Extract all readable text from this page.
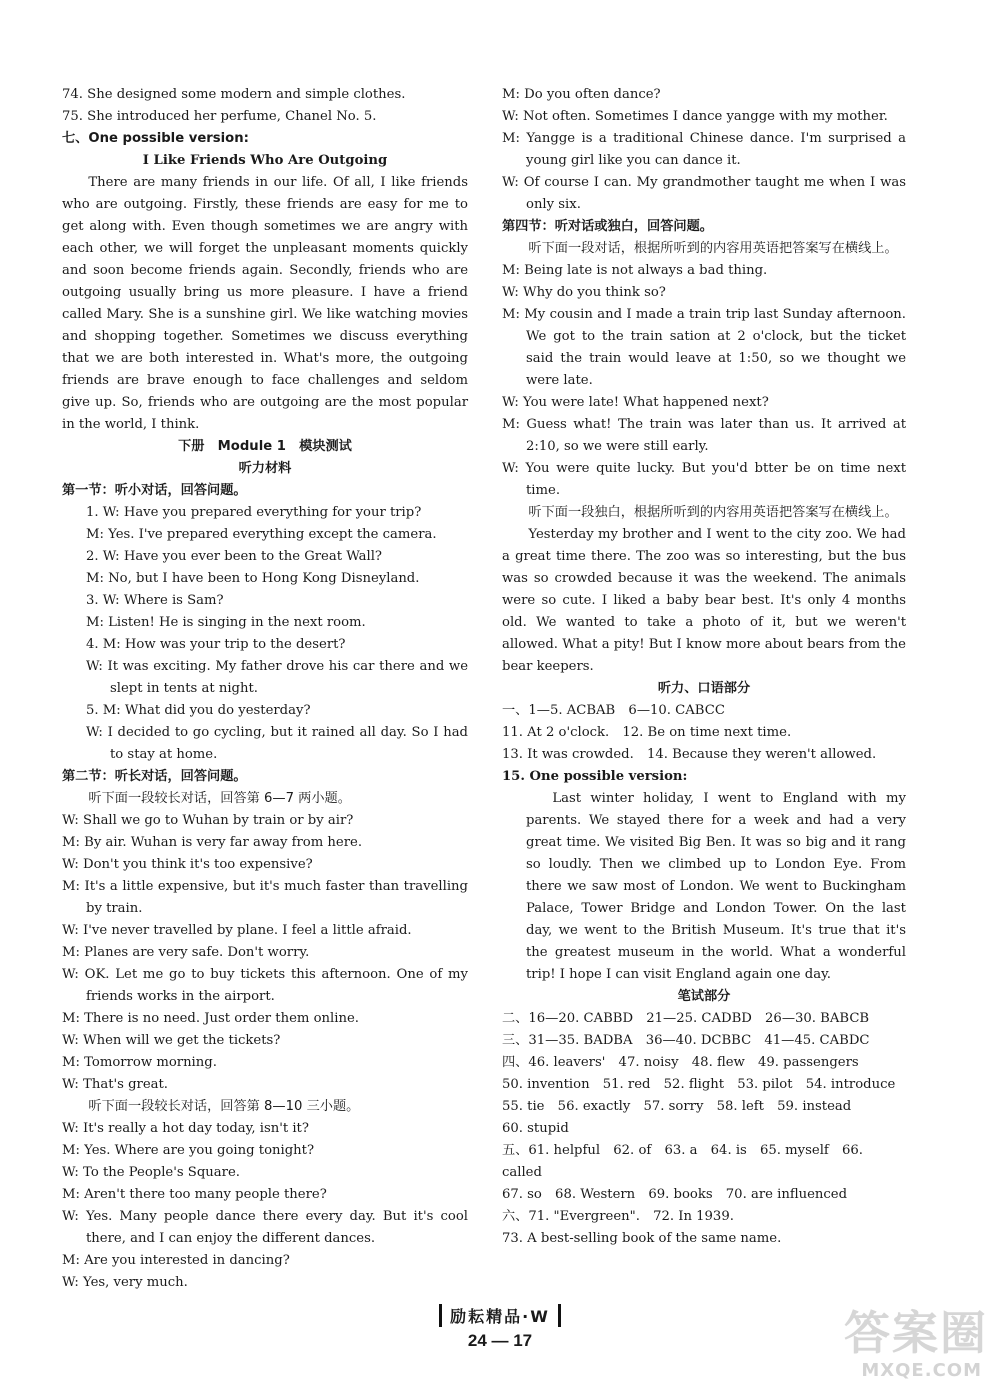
74. She designed some modern and simple clothes.

75. She introduced her perfume, Chanel No. 5.

七、One possible version:

I Like Friends Who Are Outgoing

There are many friends in our life. Of all, I like friends who are outgoing. Firstly, these friends are easy for me to get along with. Even though sometimes we are angry with each other, we will forget the unpleasant moments quickly and soon become friends again. Secondly, friends who are outgoing usually bring us more pleasure. I have a friend called Mary. She is a sunshine girl. We like watching movies and shopping together. Sometimes we discuss everything that we are both interested in. What's more, the outgoing friends are brave enough to face challenges and seldom give up. So, friends who are outgoing are the most popular in the world, I think.

下册　Module 1　模块测试

听力材料

第一节：听小对话，回答问题。

1. W: Have you prepared everything for your trip?

M: Yes. I've prepared everything except the camera.

2. W: Have you ever been to the Great Wall?

M: No, but I have been to Hong Kong Disneyland.

3. W: Where is Sam?

M: Listen! He is singing in the next room.

4. M: How was your trip to the desert?

W: It was exciting. My father drove his car there and we slept in tents at night.

5. M: What did you do yesterday?

W: I decided to go cycling, but it rained all day. So I had to stay at home.

第二节：听长对话，回答问题。

听下面一段较长对话，回答第 6—7 两小题。

W: Shall we go to Wuhan by train or by air?

M: By air. Wuhan is very far away from here.

W: Don't you think it's too expensive?

M: It's a little expensive, but it's much faster than travelling by train.

W: I've never travelled by plane. I feel a little afraid.

M: Planes are very safe. Don't worry.

W: OK. Let me go to buy tickets this afternoon. One of my friends works in the airport.

M: There is no need. Just order them online.

W: When will we get the tickets?

M: Tomorrow morning.

W: That's great.

听下面一段较长对话，回答第 8—10 三小题。

W: It's really a hot day today, isn't it?

M: Yes. Where are you going tonight?

W: To the People's Square.

M: Aren't there too many people there?

W: Yes. Many people dance there every day. But it's cool there, and I can enjoy the different dances.

M: Are you interested in dancing?

W: Yes, very much.

M: Do you often dance?

W: Not often. Sometimes I dance yangge with my mother.

M: Yangge is a traditional Chinese dance. I'm surprised a young girl like you can dance it.

W: Of course I can. My grandmother taught me when I was only six.

第四节：听对话或独白，回答问题。

听下面一段对话，根据所听到的内容用英语把答案写在横线上。

M: Being late is not always a bad thing.

W: Why do you think so?

M: My cousin and I made a train trip last Sunday afternoon. We got to the train sation at 2 o'clock, but the ticket said the train would leave at 1:50, so we thought we were late.

W: You were late! What happened next?

M: Guess what! The train was later than us. It arrived at 2:10, so we were still early.

W: You were quite lucky. But you'd btter be on time next time.

听下面一段独白，根据所听到的内容用英语把答案写在横线上。

Yesterday my brother and I went to the city zoo. We had a great time there. The zoo was so interesting, but the bus was so crowded because it was the weekend. The animals were so cute. I liked a baby bear best. It's only 4 months old. We wanted to take a photo of it, but we weren't allowed. What a pity! But I know more about bears from the bear keepers.

听力、口语部分

一、1—5. ACBAB　6—10. CABCC

11. At 2 o'clock.　12. Be on time next time.

13. It was crowded.　14. Because they weren't allowed.

15. One possible version:

Last winter holiday, I went to England with my parents. We stayed there for a week and had a very great time. We visited Big Ben. It was so big and it rang so loudly. Then we climbed up to London Eye. From there we saw most of London. We went to Buckingham Palace, Tower Bridge and London Tower. On the last day, we went to the British Museum. It's true that it's the greatest museum in the world. What a wonderful trip! I hope I can visit England again one day.

笔试部分

二、16—20. CABBD　21—25. CADBD　26—30. BABCB

三、31—35. BADBA　36—40. DCBBC　41—45. CABDC

四、46. leavers'　47. noisy　48. flew　49. passengers

50. invention　51. red　52. flight　53. pilot　54. introduce

55. tie　56. exactly　57. sorry　58. left　59. instead

60. stupid

五、61. helpful　62. of　63. a　64. is　65. myself　66. called

67. so　68. Western　69. books　70. are influenced

六、71. "Evergreen".　72. In 1939.

73. A best-selling book of the same name.

励耘精品·W
24 — 17	答案圈
MXQE.COM
